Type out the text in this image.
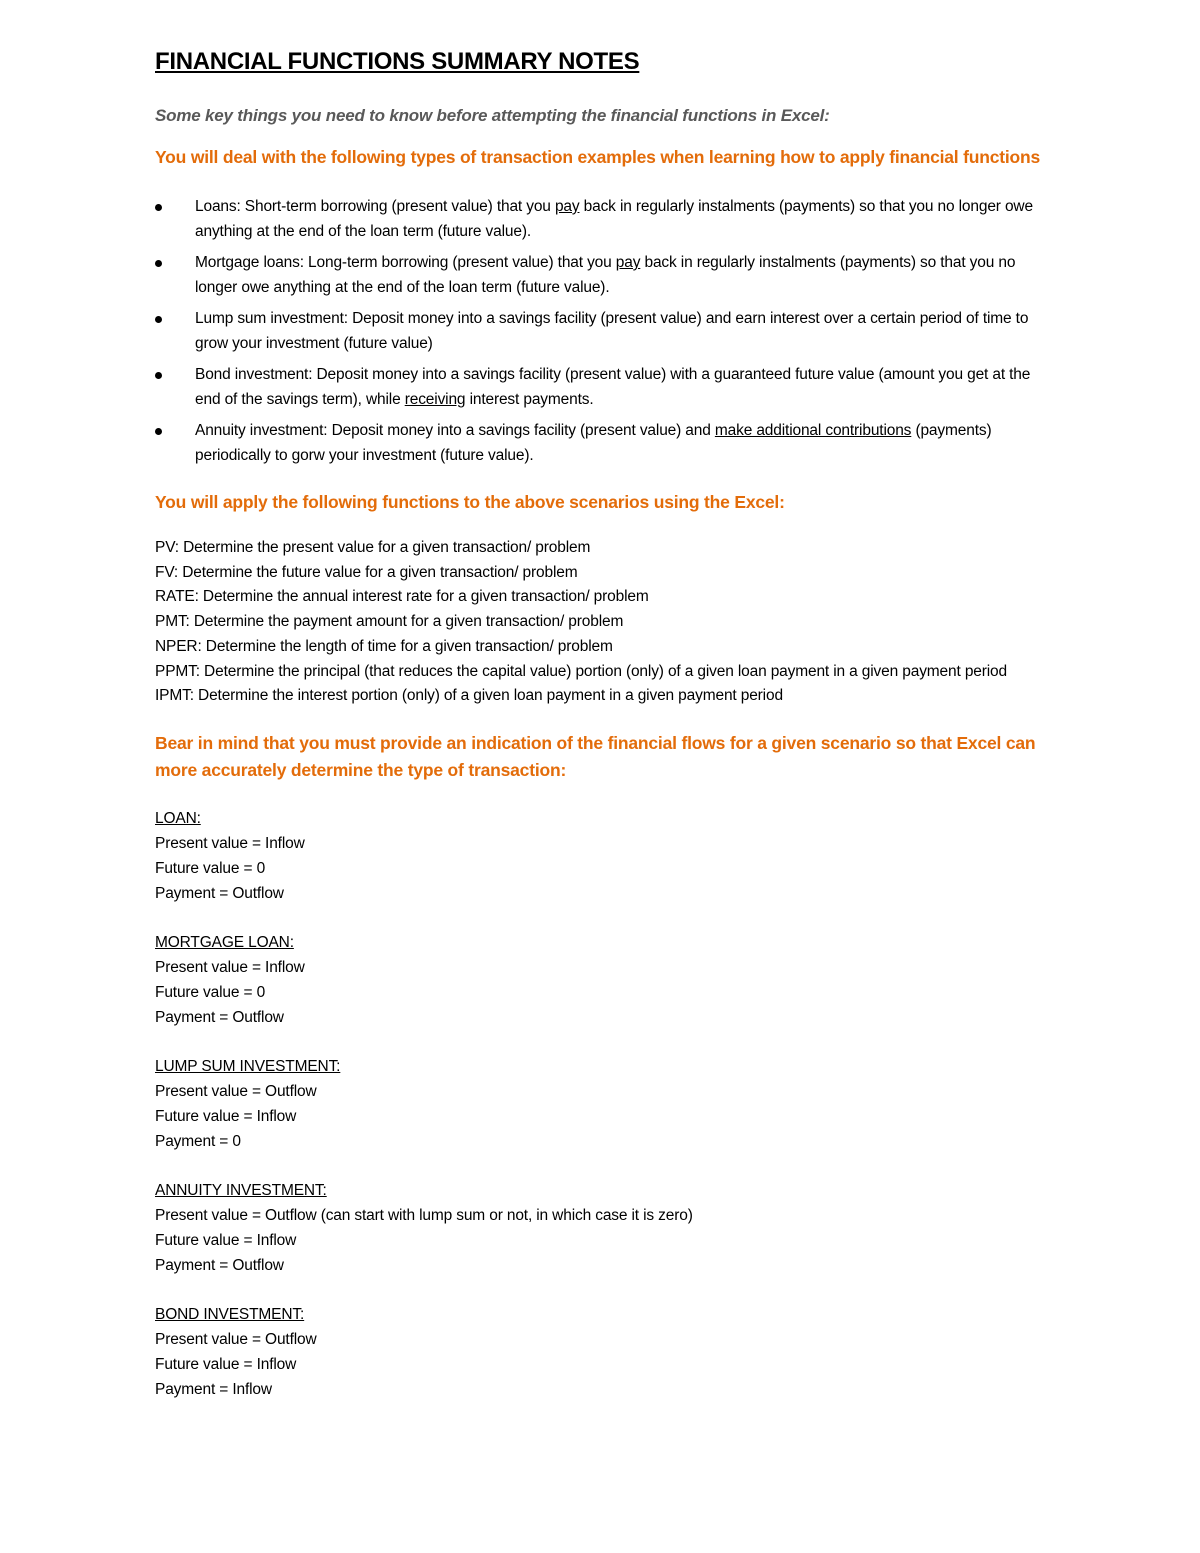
FINANCIAL FUNCTIONS SUMMARY NOTES
Some key things you need to know before attempting the financial functions in Excel:
You will deal with the following types of transaction examples when learning how to apply financial functions
Loans: Short-term borrowing (present value) that you pay back in regularly instalments (payments) so that you no longer owe anything at the end of the loan term (future value).
Mortgage loans: Long-term borrowing (present value) that you pay back in regularly instalments (payments) so that you no longer owe anything at the end of the loan term (future value).
Lump sum investment: Deposit money into a savings facility (present value) and earn interest over a certain period of time to grow your investment (future value)
Bond investment: Deposit money into a savings facility (present value) with a guaranteed future value (amount you get at the end of the savings term), while receiving interest payments.
Annuity investment: Deposit money into a savings facility (present value) and make additional contributions (payments) periodically to gorw your investment (future value).
You will apply the following functions to the above scenarios using the Excel:
PV: Determine the present value for a given transaction/ problem
FV: Determine the future value for a given transaction/ problem
RATE: Determine the annual interest rate for a given transaction/ problem
PMT: Determine the payment amount for a given transaction/ problem
NPER: Determine the length of time for a given transaction/ problem
PPMT: Determine the principal (that reduces the capital value) portion (only) of a given loan payment in a given payment period
IPMT: Determine the interest portion (only) of a given loan payment in a given payment period
Bear in mind that you must provide an indication of the financial flows for a given scenario so that Excel can more accurately determine the type of transaction:
LOAN:
Present value = Inflow
Future value = 0
Payment = Outflow
MORTGAGE LOAN:
Present value = Inflow
Future value = 0
Payment = Outflow
LUMP SUM INVESTMENT:
Present value = Outflow
Future value = Inflow
Payment = 0
ANNUITY INVESTMENT:
Present value = Outflow (can start with lump sum or not, in which case it is zero)
Future value = Inflow
Payment = Outflow
BOND INVESTMENT:
Present value = Outflow
Future value = Inflow
Payment = Inflow
